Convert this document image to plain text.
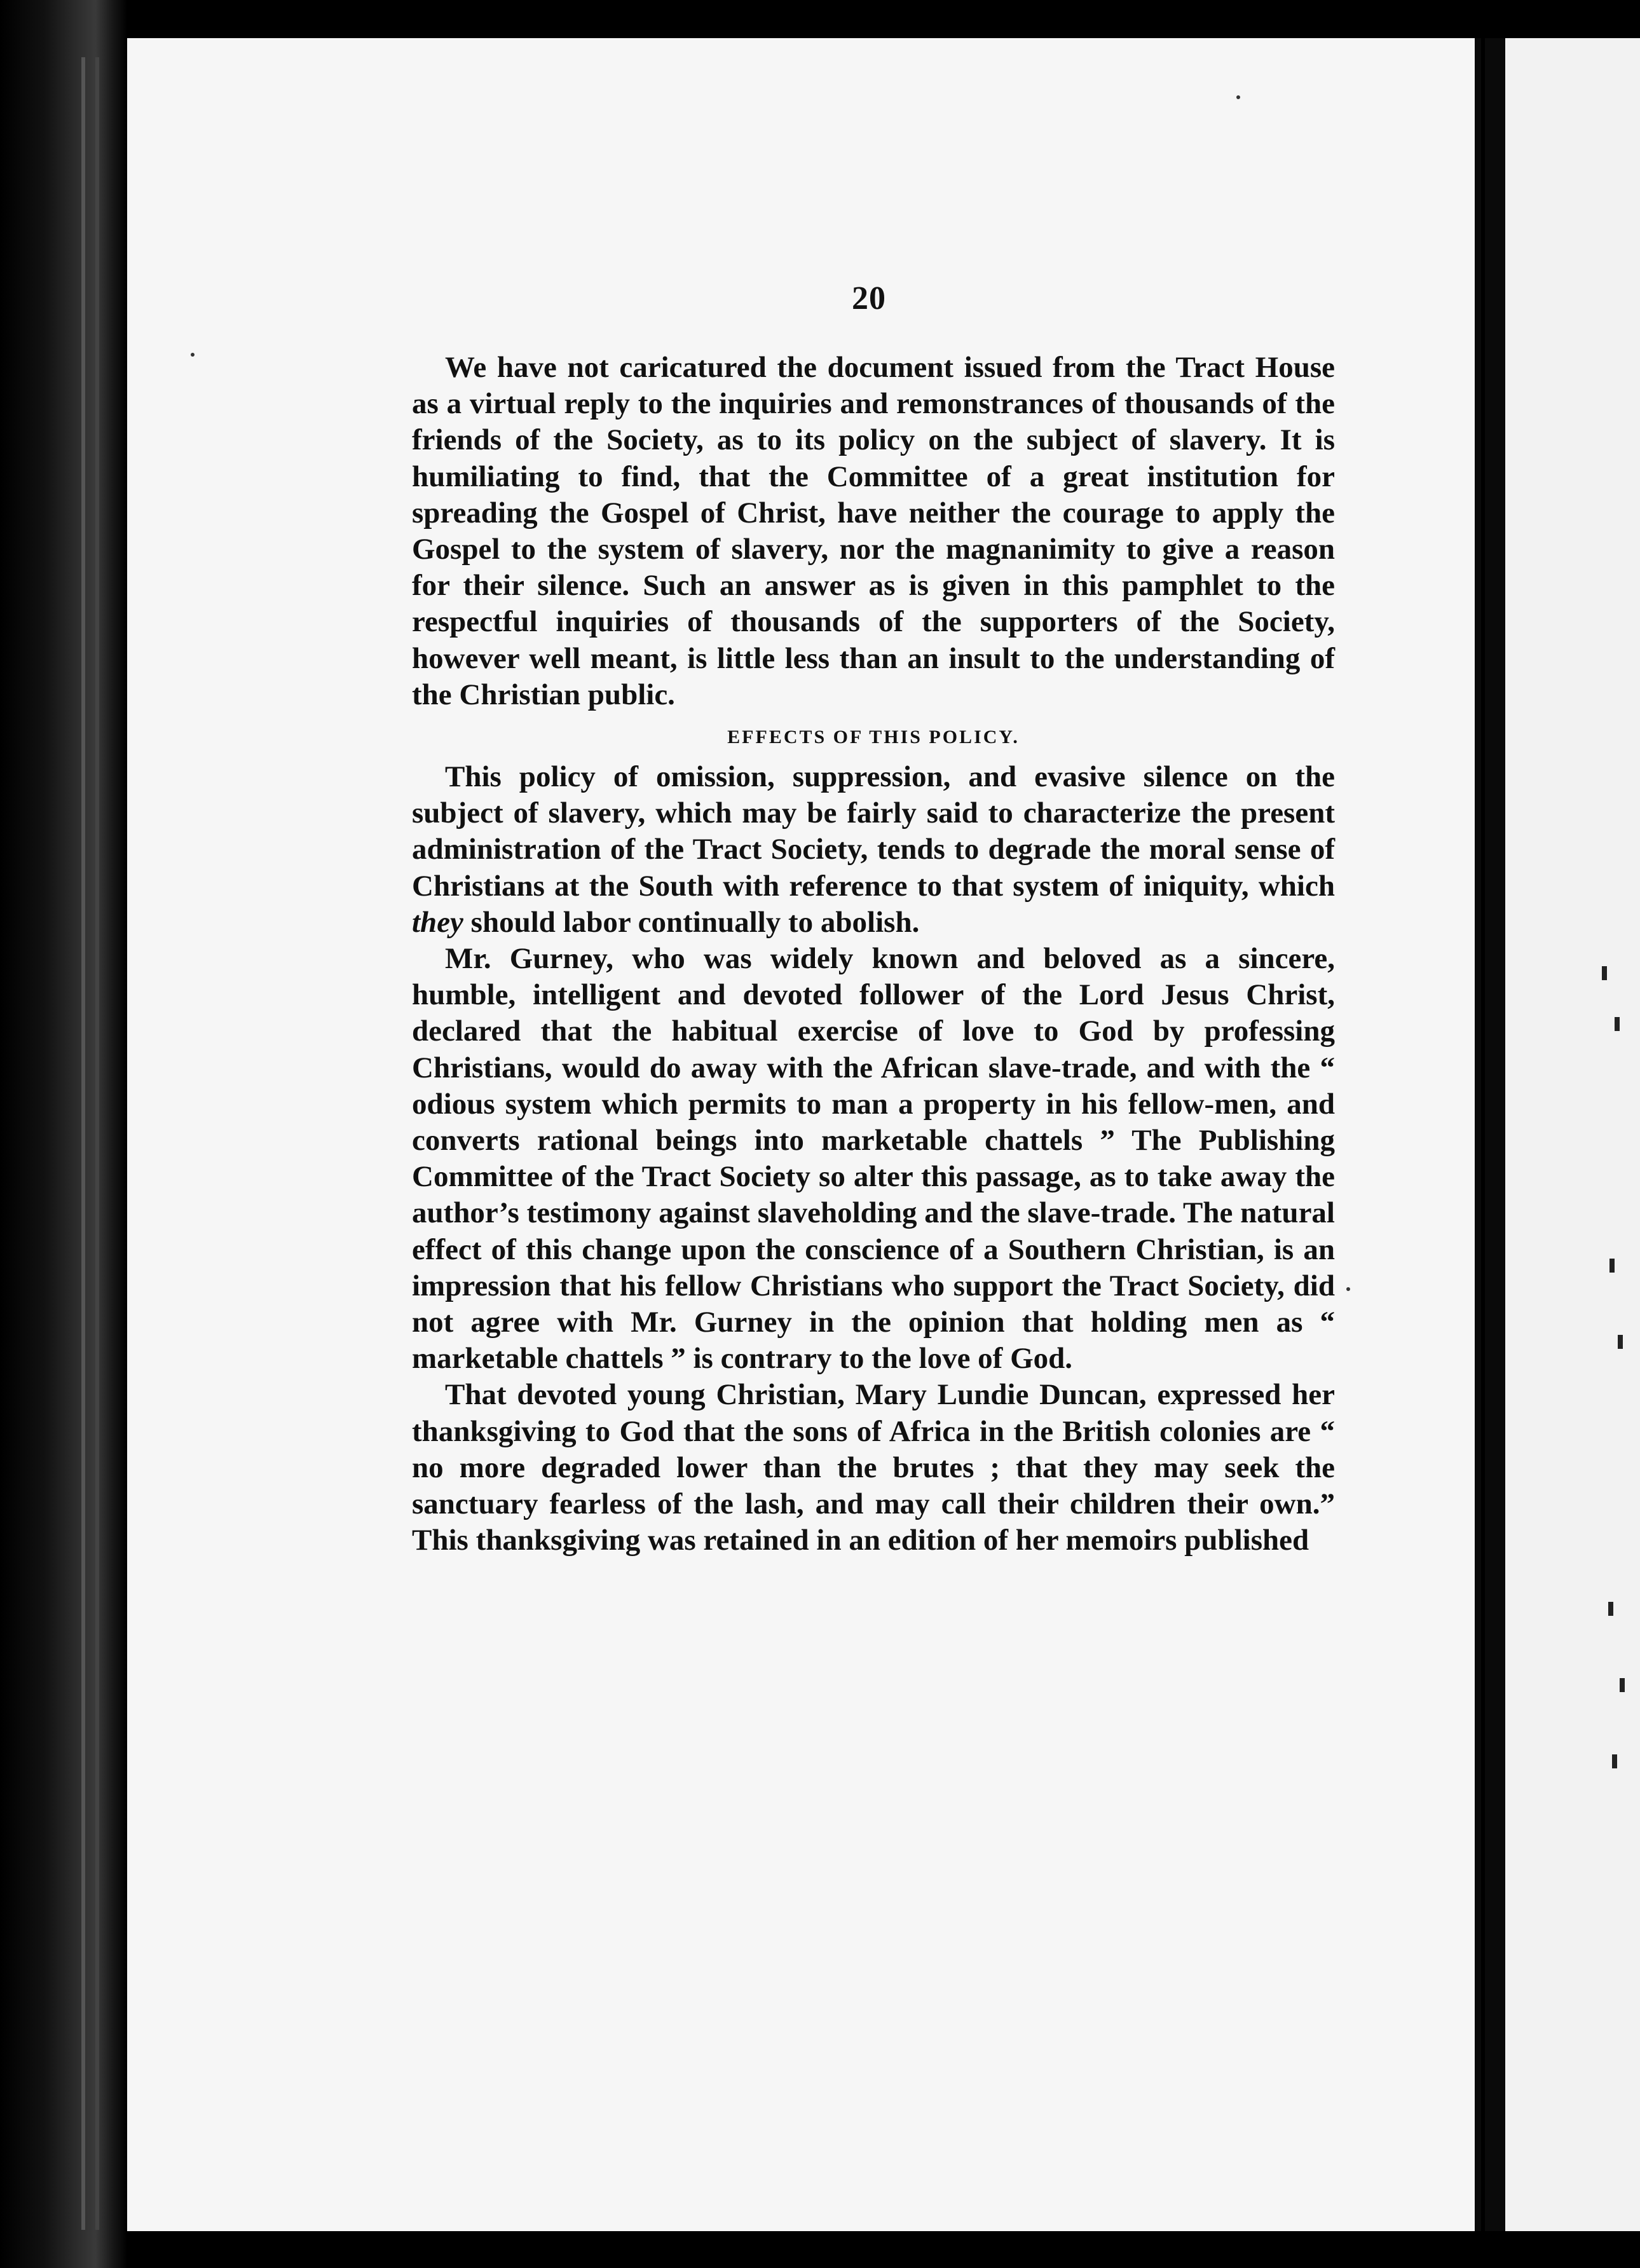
20

We have not caricatured the document issued from the Tract House as a virtual reply to the inquiries and remonstrances of thousands of the friends of the Society, as to its policy on the subject of slavery. It is humiliating to find, that the Committee of a great institution for spreading the Gospel of Christ, have neither the courage to apply the Gospel to the system of slavery, nor the magnanimity to give a reason for their silence. Such an answer as is given in this pamphlet to the respectful inquiries of thousands of the supporters of the Society, however well meant, is little less than an insult to the understanding of the Christian public.

EFFECTS OF THIS POLICY.

This policy of omission, suppression, and evasive silence on the subject of slavery, which may be fairly said to characterize the present administration of the Tract Society, tends to degrade the moral sense of Christians at the South with reference to that system of iniquity, which they should labor continually to abolish.

Mr. Gurney, who was widely known and beloved as a sincere, humble, intelligent and devoted follower of the Lord Jesus Christ, declared that the habitual exercise of love to God by professing Christians, would do away with the African slave-trade, and with the “ odious system which permits to man a property in his fellow-men, and converts rational beings into marketable chattels ” The Publishing Committee of the Tract Society so alter this passage, as to take away the author’s testimony against slaveholding and the slave-trade. The natural effect of this change upon the conscience of a Southern Christian, is an impression that his fellow Christians who support the Tract Society, did not agree with Mr. Gurney in the opinion that holding men as “ marketable chattels ” is contrary to the love of God.

That devoted young Christian, Mary Lundie Duncan, expressed her thanksgiving to God that the sons of Africa in the British colonies are “ no more degraded lower than the brutes ; that they may seek the sanctuary fearless of the lash, and may call their children their own.” This thanksgiving was retained in an edition of her memoirs published
